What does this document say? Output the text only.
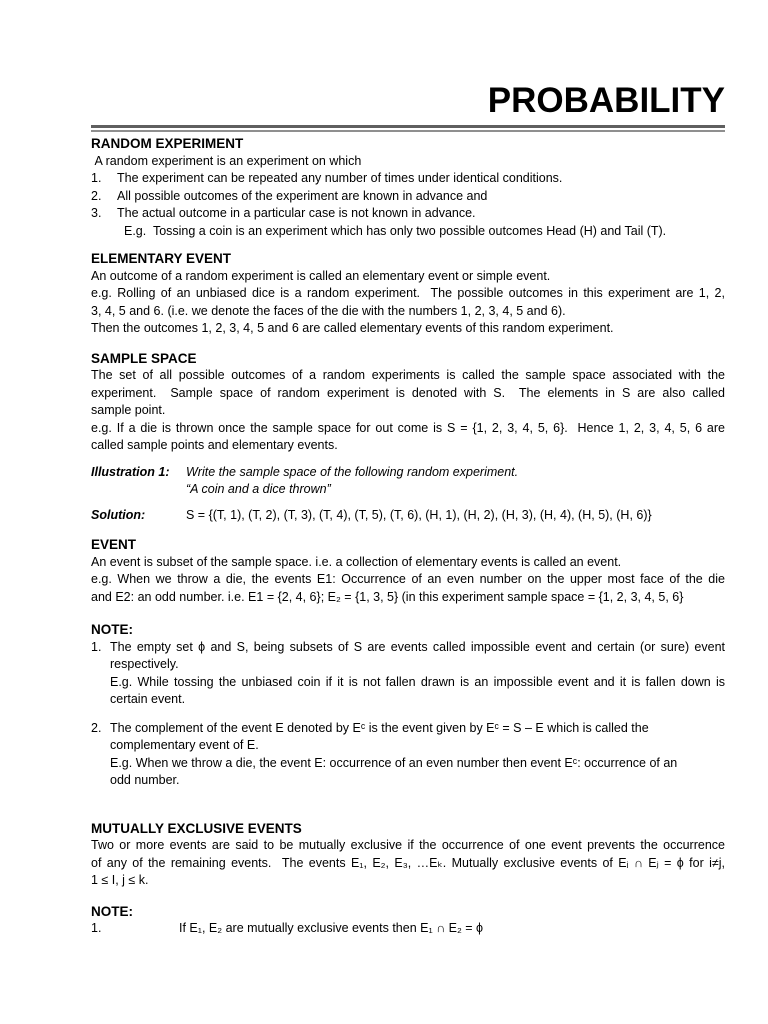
PROBABILITY
RANDOM EXPERIMENT
A random experiment is an experiment on which
1.	The experiment can be repeated any number of times under identical conditions.
2.	All possible outcomes of the experiment are known in advance and
3.	The actual outcome in a particular case is not known in advance.
E.g.  Tossing a coin is an experiment which has only two possible outcomes Head (H) and Tail (T).
ELEMENTARY EVENT
An outcome of a random experiment is called an elementary event or simple event.
e.g. Rolling of an unbiased dice is a random experiment.  The possible outcomes in this experiment are 1, 2,
3, 4, 5 and 6. (i.e. we denote the faces of the die with the numbers 1, 2, 3, 4, 5 and 6).
Then the outcomes 1, 2, 3, 4, 5 and 6 are called elementary events of this random experiment.
SAMPLE SPACE
The set of all possible outcomes of a random experiments is called the sample space associated with the
experiment.  Sample space of random experiment is denoted with S.  The elements in S are also called
sample point.
e.g. If a die is thrown once the sample space for out come is S = {1, 2, 3, 4, 5, 6}.  Hence 1, 2, 3, 4, 5, 6 are
called sample points and elementary events.
Illustration 1:	Write the sample space of the following random experiment.
“A coin and a dice thrown”
Solution:	S = {(T, 1), (T, 2), (T, 3), (T, 4), (T, 5), (T, 6), (H, 1), (H, 2), (H, 3), (H, 4), (H, 5), (H, 6)}
EVENT
An event is subset of the sample space. i.e. a collection of elementary events is called an event.
e.g. When we throw a die, the events E1: Occurrence of an even number on the upper most face of the die
and E2: an odd number. i.e. E1 = {2, 4, 6}; E₂ = {1, 3, 5} (in this experiment sample space = {1, 2, 3, 4, 5, 6}
NOTE:
1. The empty set ϕ and S, being subsets of S are events called impossible event and certain (or sure) event
respectively.
E.g. While tossing the unbiased coin if it is not fallen drawn is an impossible event and it is fallen down is
certain event.
2. The complement of the event E denoted by Eᶜ is the event given by Eᶜ = S – E which is called the
complementary event of E.
E.g. When we throw a die, the event E: occurrence of an even number then event Eᶜ: occurrence of an
odd number.
MUTUALLY EXCLUSIVE EVENTS
Two or more events are said to be mutually exclusive if the occurrence of one event prevents the occurrence
of any of the remaining events.  The events E₁, E₂, E₃, …Eₖ. Mutually exclusive events of Eᵢ ∩ Eⱼ = ϕ for i≠j,
1 ≤ I, j ≤ k.
NOTE:
1.	If E₁, E₂ are mutually exclusive events then E₁ ∩ E₂ = ϕ
